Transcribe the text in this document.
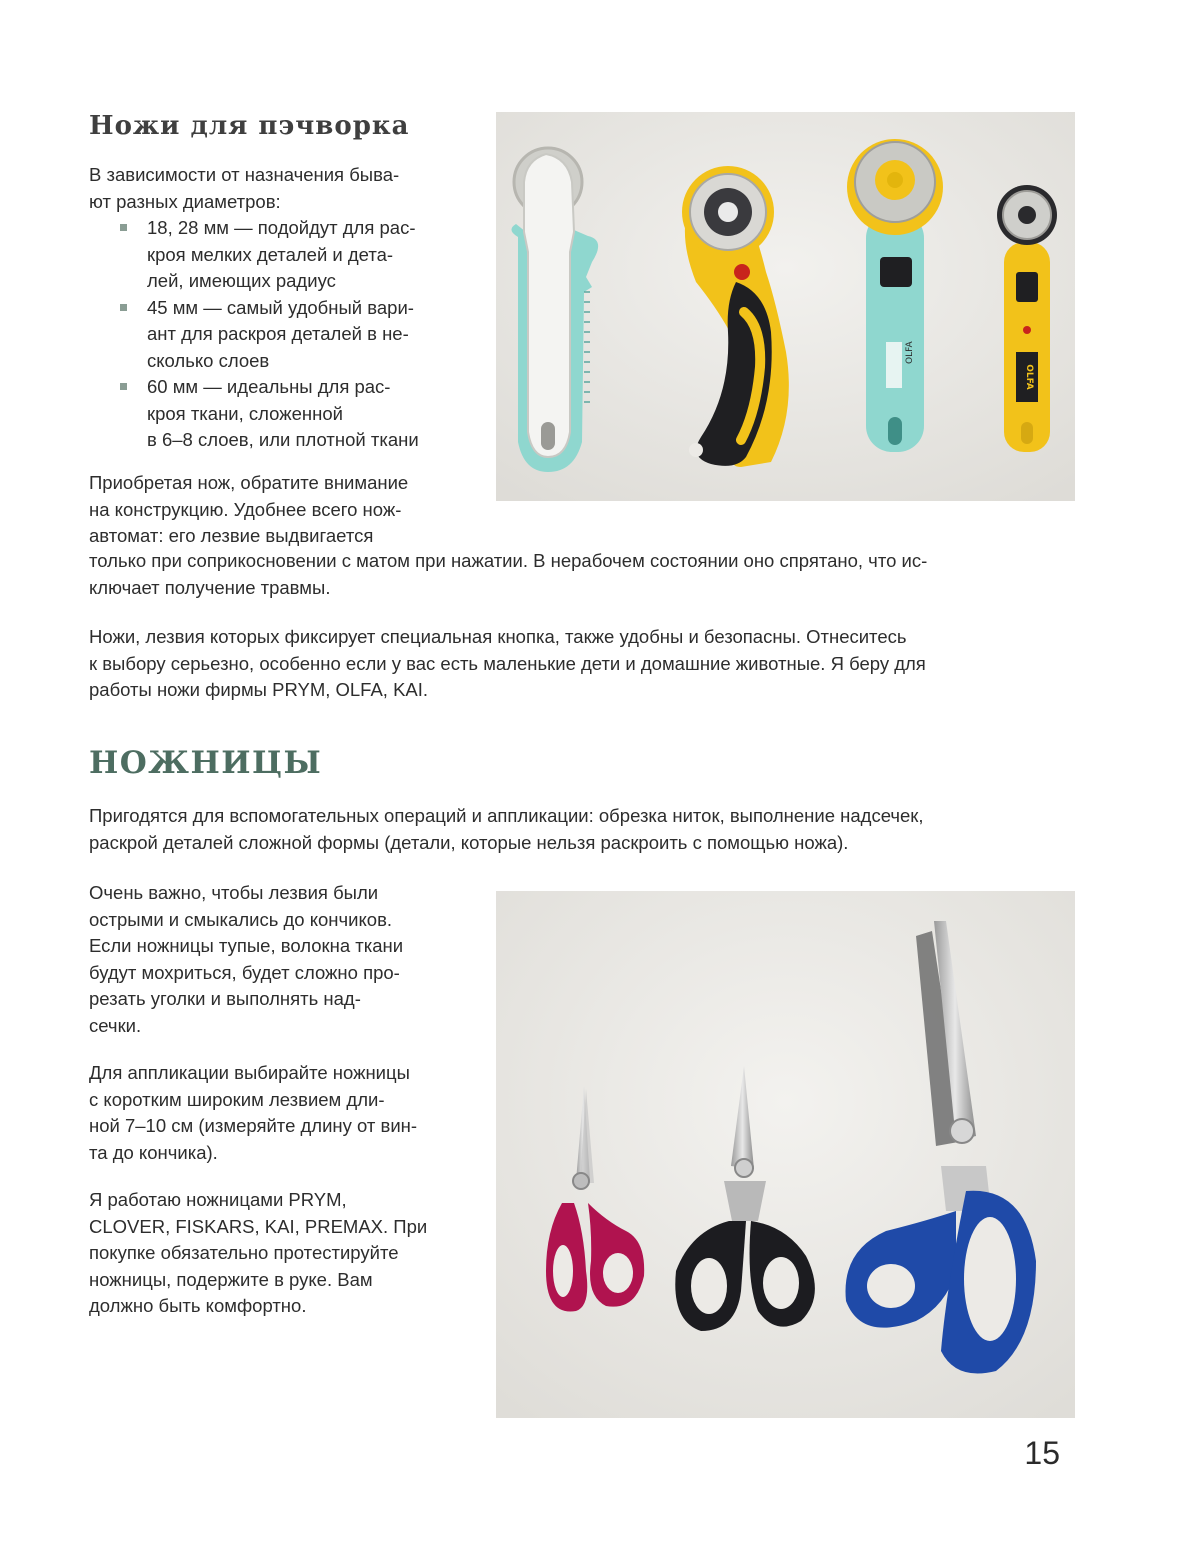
Ножи для пэчворка

В зависимости от назначения быва-

ют разных диаметров:

18, 28 мм — подойдут для рас-
кроя мелких деталей и дета-
лей, имеющих радиус
45 мм — самый удобный вари-
ант для раскроя деталей в не-
сколько слоев
60 мм — идеальны для рас-
кроя ткани, сложенной
в 6–8 слоев, или плотной ткани

Приобретая нож, обратите внимание

на конструкцию. Удобнее всего нож-

автомат: его лезвие выдвигается

только при соприкосновении с матом при нажатии. В нерабочем состоянии оно спрятано, что ис-

ключает получение травмы.

Ножи, лезвия которых фиксирует специальная кнопка, также удобны и безопасны. Отнеситесь

к выбору серьезно, особенно если у вас есть маленькие дети и домашние животные. Я беру для

работы ножи фирмы PRYM, OLFA, KAI.

OLFA
OLFA
НОЖНИЦЫ

Пригодятся для вспомогательных операций и аппликации: обрезка ниток, выполнение надсечек,

раскрой деталей сложной формы (детали, которые нельзя раскроить с помощью ножа).

Очень важно, чтобы лезвия были

острыми и смыкались до кончиков.

Если ножницы тупые, волокна ткани

будут мохриться, будет сложно про-

резать уголки и выполнять над-

сечки.

Для аппликации выбирайте ножницы

с коротким широким лезвием дли-

ной 7–10 см (измеряйте длину от вин-

та до кончика).

Я работаю ножницами PRYM,

CLOVER, FISKARS, KAI, PREMAX. При

покупке обязательно протестируйте

ножницы, подержите в руке. Вам

должно быть комфортно.

15
